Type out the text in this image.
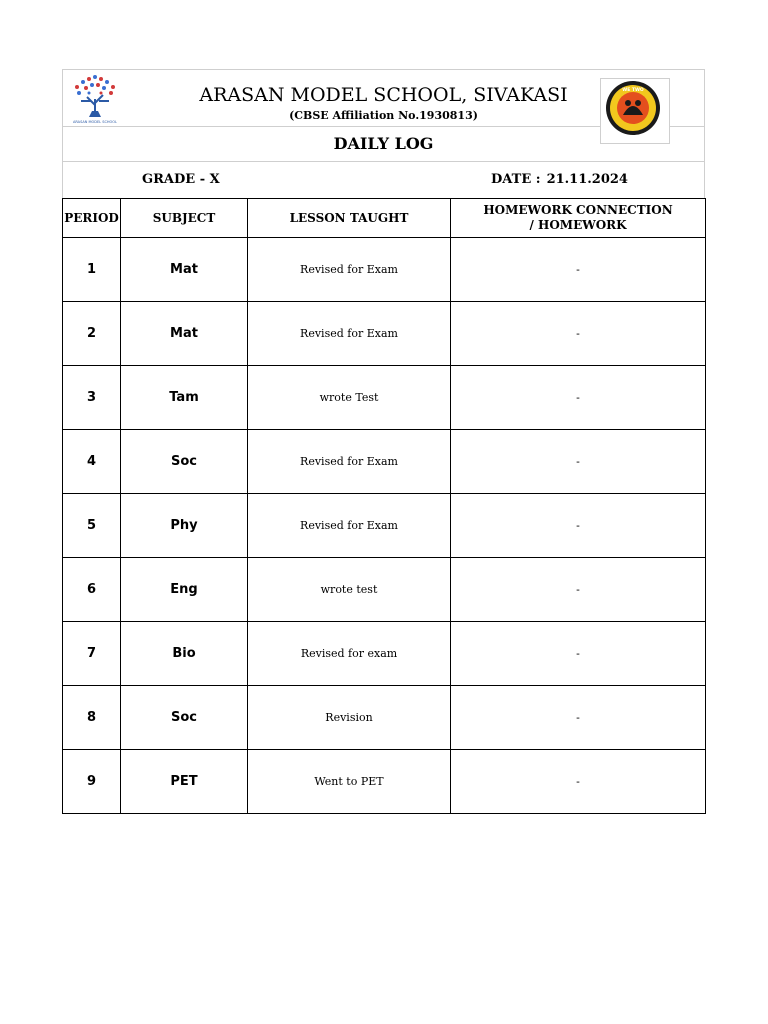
ARASAN MODEL SCHOOL
ARASAN MODEL SCHOOL, SIVAKASI
(CBSE Affiliation No.1930813)
WE TWO
DAILY LOG
GRADE - X	DATE : 21.11.2024
PERIOD	SUBJECT	LESSON TAUGHT	HOMEWORK CONNECTION / HOMEWORK
1	Mat	Revised for Exam	-
2	Mat	Revised for Exam	-
3	Tam	wrote Test	-
4	Soc	Revised for Exam	-
5	Phy	Revised for Exam	-
6	Eng	wrote test	-
7	Bio	Revised for exam	-
8	Soc	Revision	-
9	PET	Went to PET	-
